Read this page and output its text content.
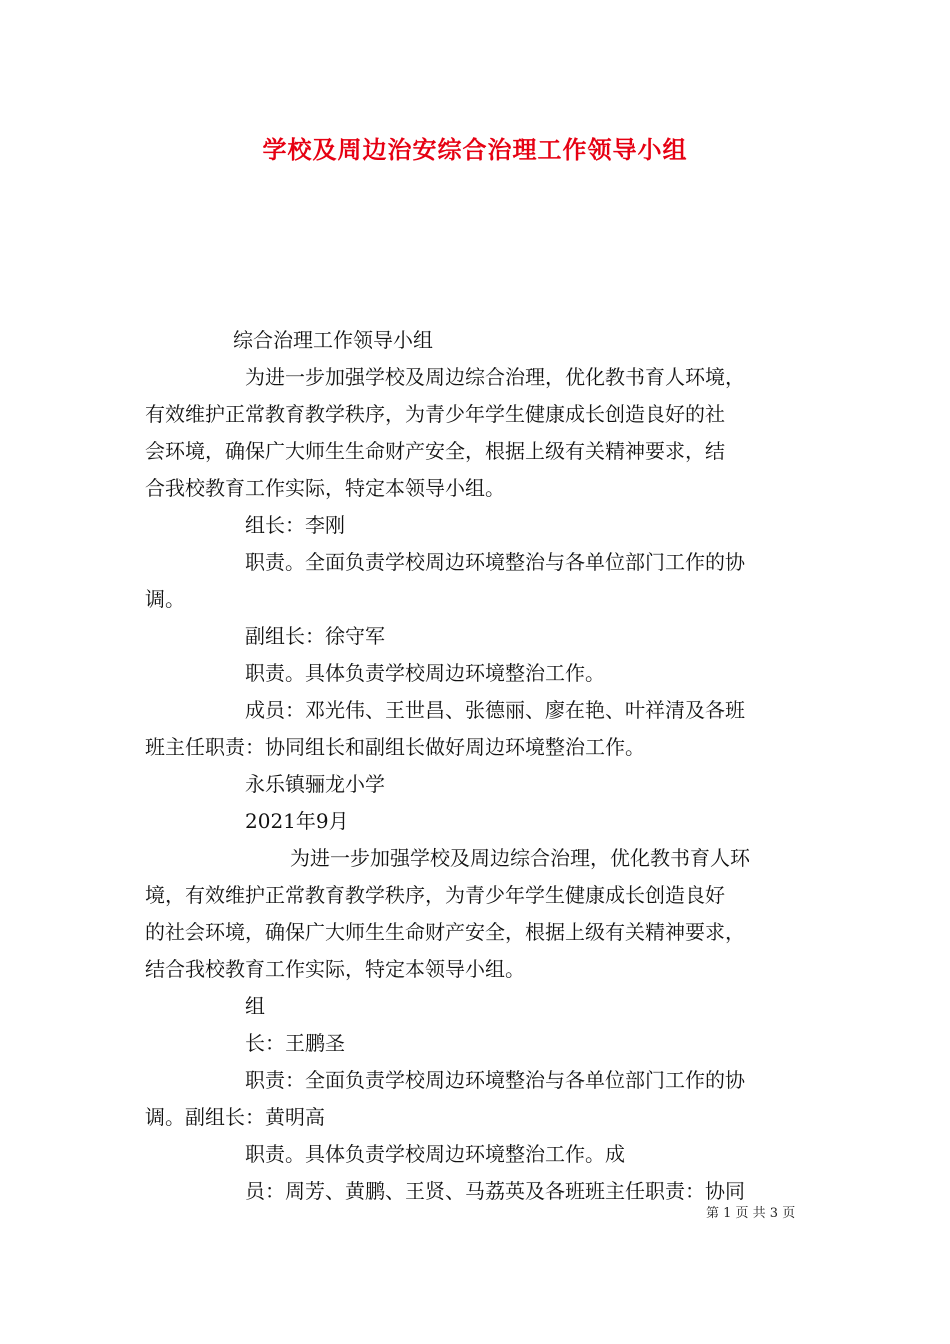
学校及周边治安综合治理工作领导小组

综合治理工作领导小组

为进一步加强学校及周边综合治理，优化教书育人环境，

有效维护正常教育教学秩序，为青少年学生健康成长创造良好的社

会环境，确保广大师生生命财产安全，根据上级有关精神要求，结

合我校教育工作实际，特定本领导小组。

组长：李刚

职责。全面负责学校周边环境整治与各单位部门工作的协

调。

副组长：徐守军

职责。具体负责学校周边环境整治工作。

成员：邓光伟、王世昌、张德丽、廖在艳、叶祥清及各班

班主任职责：协同组长和副组长做好周边环境整治工作。

永乐镇骊龙小学

2021年9月

为进一步加强学校及周边综合治理，优化教书育人环

境，有效维护正常教育教学秩序，为青少年学生健康成长创造良好

的社会环境，确保广大师生生命财产安全，根据上级有关精神要求，

结合我校教育工作实际，特定本领导小组。

组

长：王鹏圣

职责：全面负责学校周边环境整治与各单位部门工作的协

调。副组长：黄明高

职责。具体负责学校周边环境整治工作。成

员：周芳、黄鹏、王贤、马荔英及各班班主任职责：协同

第 1 页 共 3 页
